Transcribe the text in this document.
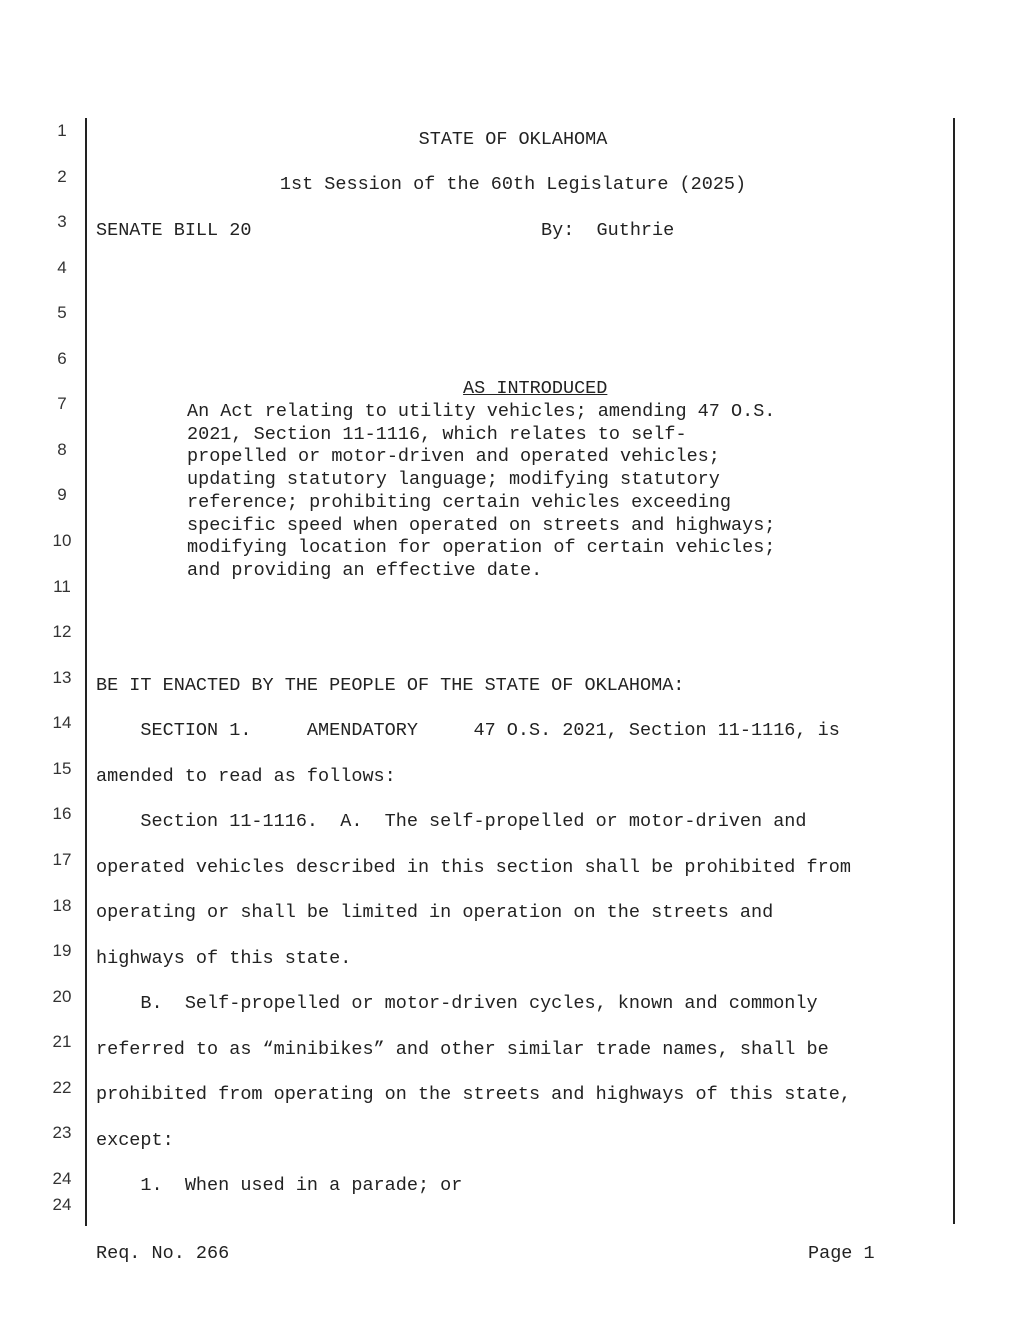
1
2
3
4
5
6
7
8
9
10
11
12
13
14
15
16
17
18
19
20
21
22
23
24
24
STATE OF OKLAHOMA
1st Session of the 60th Legislature (2025)
SENATE BILL 20	By:  Guthrie

AS INTRODUCED

An Act relating to utility vehicles; amending 47 O.S.
2021, Section 11-1116, which relates to self-
propelled or motor-driven and operated vehicles;
updating statutory language; modifying statutory
reference; prohibiting certain vehicles exceeding
specific speed when operated on streets and highways;
modifying location for operation of certain vehicles;
and providing an effective date.
BE IT ENACTED BY THE PEOPLE OF THE STATE OF OKLAHOMA:
SECTION 1.     AMENDATORY     47 O.S. 2021, Section 11-1116, is
amended to read as follows:
Section 11-1116.  A.  The self-propelled or motor-driven and
operated vehicles described in this section shall be prohibited from
operating or shall be limited in operation on the streets and
highways of this state.
B.  Self-propelled or motor-driven cycles, known and commonly
referred to as “minibikes” and other similar trade names, shall be
prohibited from operating on the streets and highways of this state,
except:
1.  When used in a parade; or
Req. No. 266	Page 1
